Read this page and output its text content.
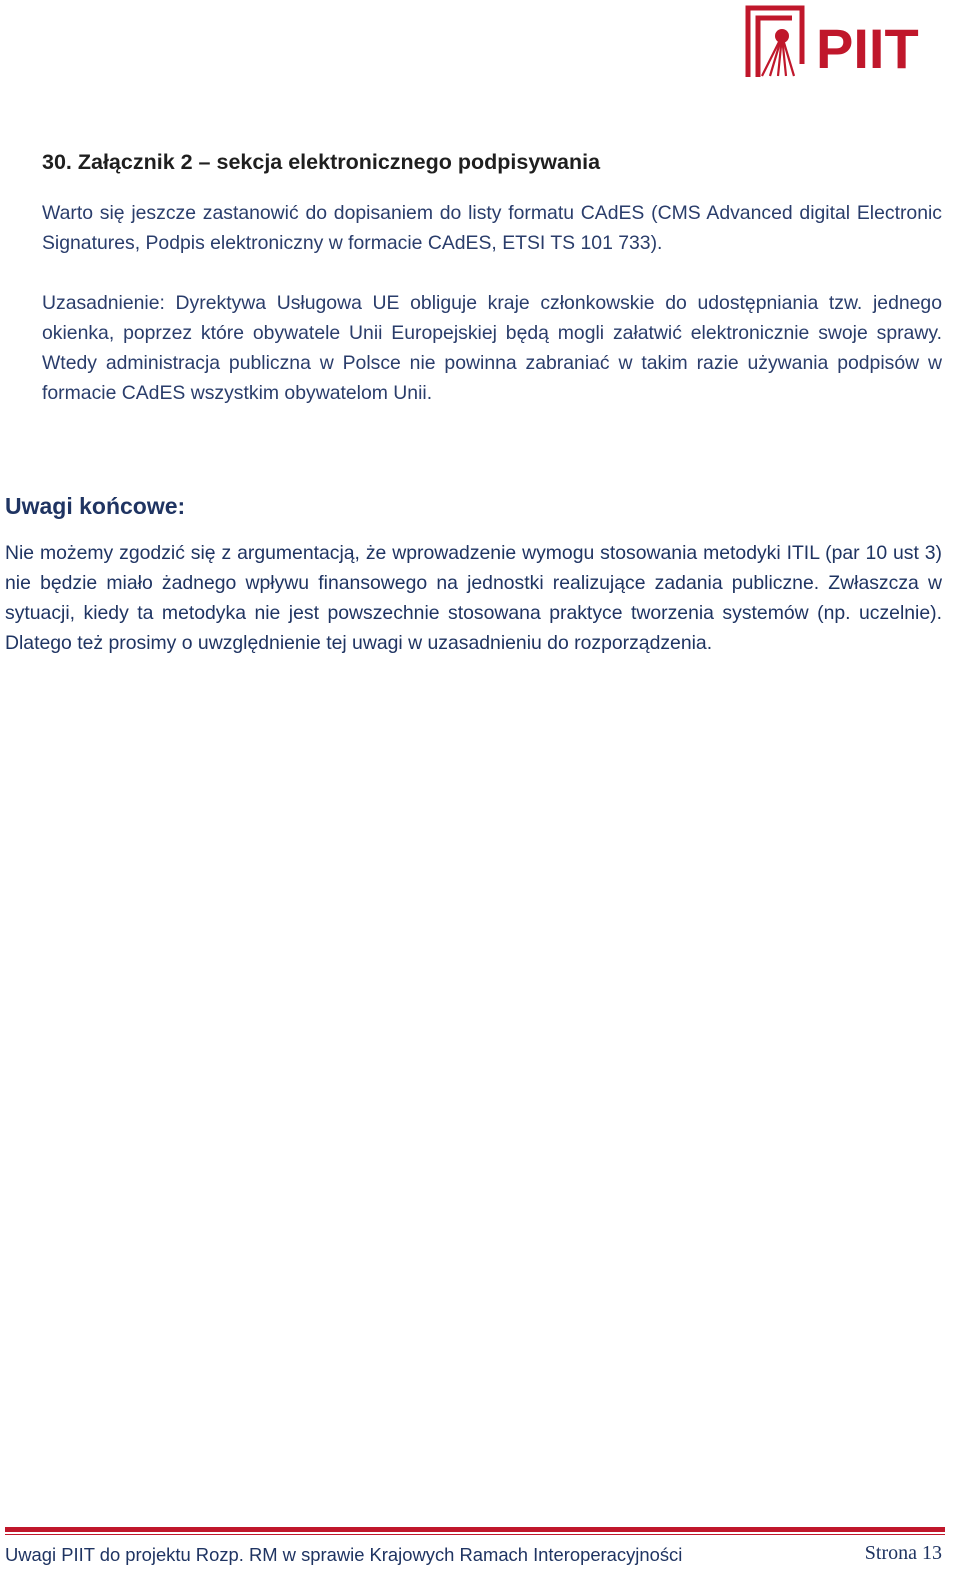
PIIT
30. Załącznik 2 – sekcja elektronicznego podpisywania

Warto się jeszcze zastanowić do dopisaniem do listy formatu CAdES (CMS Advanced digital Electronic Signatures, Podpis elektroniczny w formacie CAdES, ETSI TS 101 733).

Uzasadnienie: Dyrektywa Usługowa UE obliguje kraje członkowskie do udostępniania tzw. jednego okienka, poprzez które obywatele Unii Europejskiej będą mogli załatwić elektronicznie swoje sprawy. Wtedy administracja publiczna w Polsce nie powinna zabraniać w takim razie używania podpisów w formacie CAdES wszystkim obywatelom Unii.

Uwagi końcowe:

Nie możemy zgodzić się z argumentacją, że wprowadzenie wymogu stosowania metodyki ITIL (par 10 ust 3) nie będzie miało żadnego wpływu finansowego na jednostki realizujące zadania publiczne. Zwłaszcza w sytuacji, kiedy ta metodyka nie jest powszechnie stosowana praktyce tworzenia systemów (np. uczelnie). Dlatego też prosimy o uwzględnienie tej uwagi w uzasadnieniu do rozporządzenia.

Uwagi PIIT do projektu Rozp. RM w sprawie Krajowych Ramach Interoperacyjności	Strona 13
